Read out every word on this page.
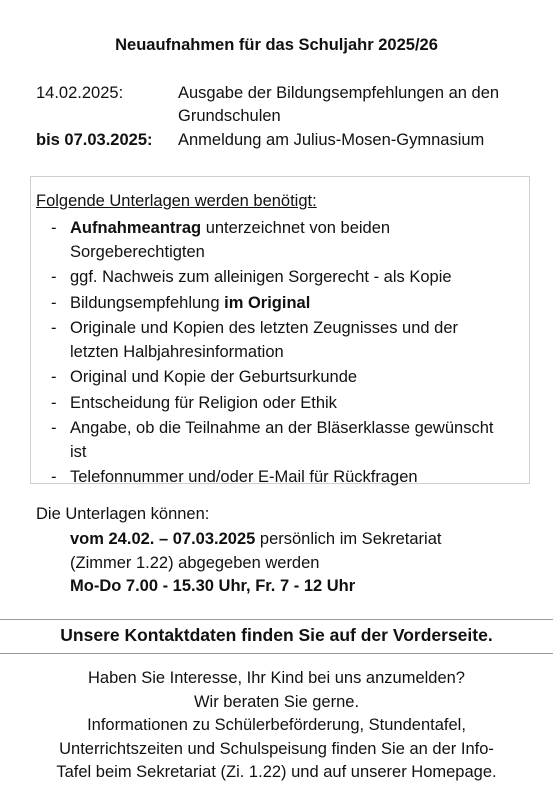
Neuaufnahmen für das Schuljahr 2025/26
14.02.2025:	Ausgabe der Bildungsempfehlungen an den Grundschulen
bis 07.03.2025: Anmeldung am Julius-Mosen-Gymnasium
Folgende Unterlagen werden benötigt:
- Aufnahmeantrag unterzeichnet von beiden Sorgeberechtigten
- ggf. Nachweis zum alleinigen Sorgerecht - als Kopie
- Bildungsempfehlung im Original
- Originale und Kopien des letzten Zeugnisses und der letzten Halbjahresinformation
- Original und Kopie der Geburtsurkunde
- Entscheidung für Religion oder Ethik
- Angabe, ob die Teilnahme an der Bläserklasse gewünscht ist
- Telefonnummer und/oder E-Mail für Rückfragen
Die Unterlagen können:
vom 24.02. – 07.03.2025 persönlich im Sekretariat (Zimmer 1.22) abgegeben werden
Mo-Do 7.00 - 15.30 Uhr, Fr. 7 - 12 Uhr
Unsere Kontaktdaten finden Sie auf der Vorderseite.
Haben Sie Interesse, Ihr Kind bei uns anzumelden?
Wir beraten Sie gerne.
Informationen zu Schülerbeförderung, Stundentafel,
Unterrichtszeiten und Schulspeisung finden Sie an der Info-
Tafel beim Sekretariat (Zi. 1.22) und auf unserer Homepage.
